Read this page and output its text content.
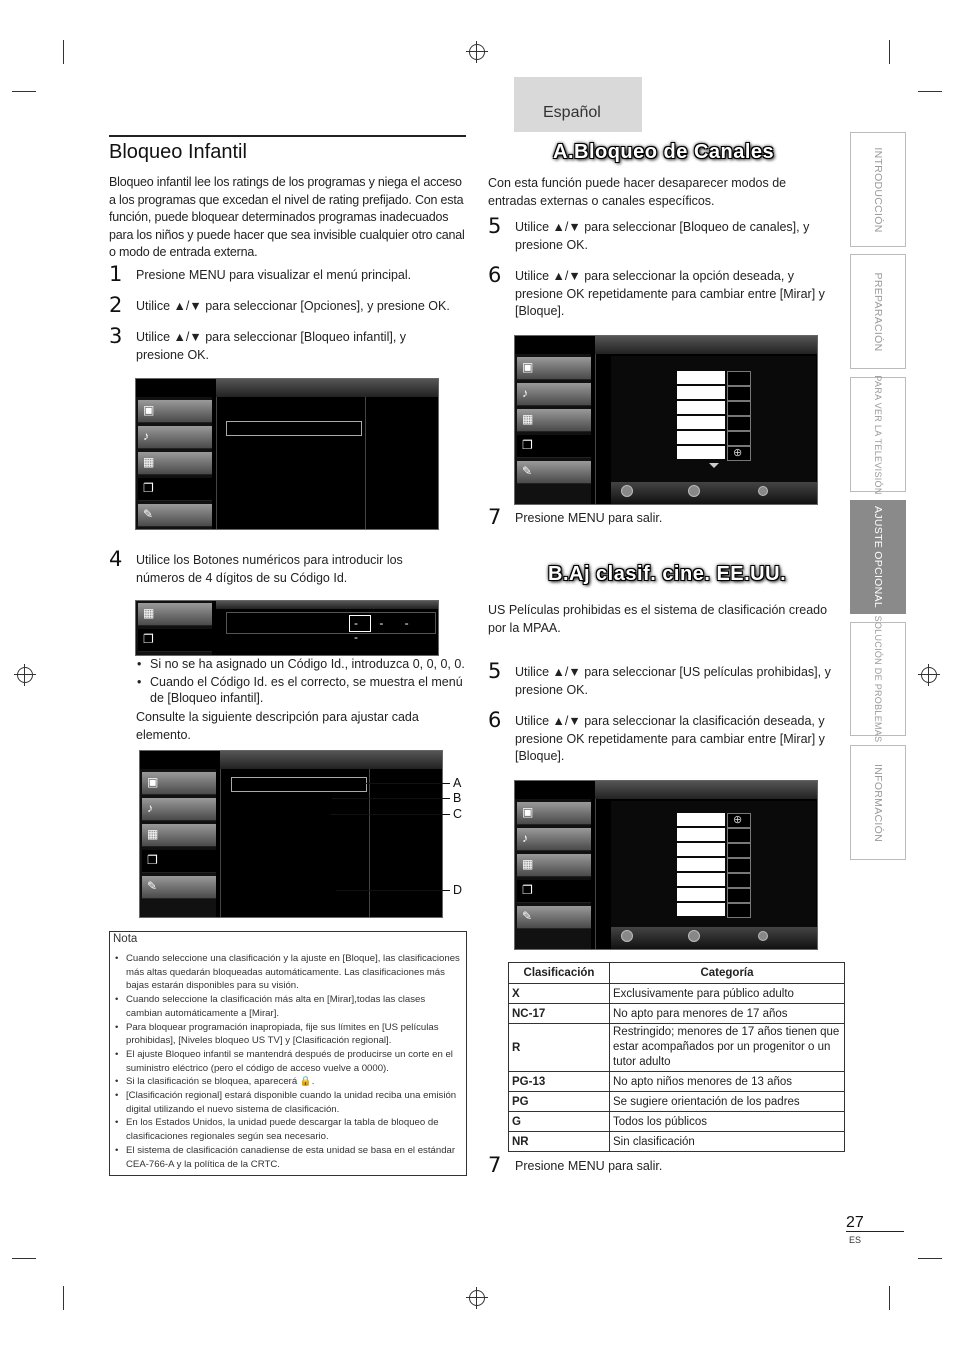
Español
INTRODUCCIÓN
PREPARACIÓN
PARA VER LA TELEVISIÓN
AJUSTE OPCIONAL
SOLUCIÓN DE PROBLEMAS
INFORMACIÓN
Bloqueo Infantil
Bloqueo infantil lee los ratings de los programas y niega el acceso a los programas que excedan el nivel de rating prefijado. Con esta función, puede bloquear determinados programas inadecuados para los niños y puede hacer que sea invisible cualquier otro canal o modo de entrada externa.
1 Presione MENU para visualizar el menú principal.
2 Utilice ▲/▼ para seleccionar [Opciones], y presione OK.
3 Utilice ▲/▼ para seleccionar [Bloqueo infantil], y presione OK.
▣
♪
▦
❐
✎
4 Utilice los Botones numéricos para introducir los números de 4 dígitos de su Código Id.
▦
❐
- - - -
• Si no se ha asignado un Código Id., introduzca 0, 0, 0, 0.
• Cuando el Código Id. es el correcto, se muestra el menú de [Bloqueo infantil].
Consulte la siguiente descripción para ajustar cada elemento.
▣
♪
▦
❐
✎
A
B
C
D
Nota
• Cuando seleccione una clasificación y la ajuste en [Bloque], las clasificaciones más altas quedarán bloqueadas automáticamente. Las clasificaciones más bajas estarán disponibles para su visión.
• Cuando seleccione la clasificación más alta en [Mirar],todas las clases cambian automáticamente a [Mirar].
• Para bloquear programación inapropiada, fije sus límites en [US películas prohibidas], [Niveles bloqueo US TV] y [Clasificación regional].
• El ajuste Bloqueo infantil se mantendrá después de producirse un corte en el suministro eléctrico (pero el código de acceso vuelve a 0000).
• Si la clasificación se bloquea, aparecerá 🔒.
• [Clasificación regional] estará disponible cuando la unidad reciba una emisión digital utilizando el nuevo sistema de clasificación.
• En los Estados Unidos, la unidad puede descargar la tabla de bloqueo de clasificaciones regionales según sea necesario.
• El sistema de clasificación canadiense de esta unidad se basa en el estándar CEA-766-A y la política de la CRTC.
A.Bloqueo de Canales
Con esta función puede hacer desaparecer modos de entradas externas o canales específicos.
5 Utilice ▲/▼ para seleccionar [Bloqueo de canales], y presione OK.
6 Utilice ▲/▼ para seleccionar la opción deseada, y presione OK repetidamente para cambiar entre [Mirar] y [Bloque].
▣
♪
▦
❐
✎
⊕
7 Presione MENU para salir.
B.Aj clasif. cine. EE.UU.
US Películas prohibidas es el sistema de clasificación creado por la MPAA.
5 Utilice ▲/▼ para seleccionar [US películas prohibidas], y presione OK.
6 Utilice ▲/▼ para seleccionar la clasificación deseada, y presione OK repetidamente para cambiar entre [Mirar] y [Bloque].
▣
♪
▦
❐
✎
⊕
Clasificación	Categoría
X	Exclusivamente para público adulto
NC-17	No apto para menores de 17 años
R	Restringido; menores de 17 años tienen que estar acompañados por un progenitor o un tutor adulto
PG-13	No apto niños menores de 13 años
PG	Se sugiere orientación de los padres
G	Todos los públicos
NR	Sin clasificación
7 Presione MENU para salir.
27
ES
